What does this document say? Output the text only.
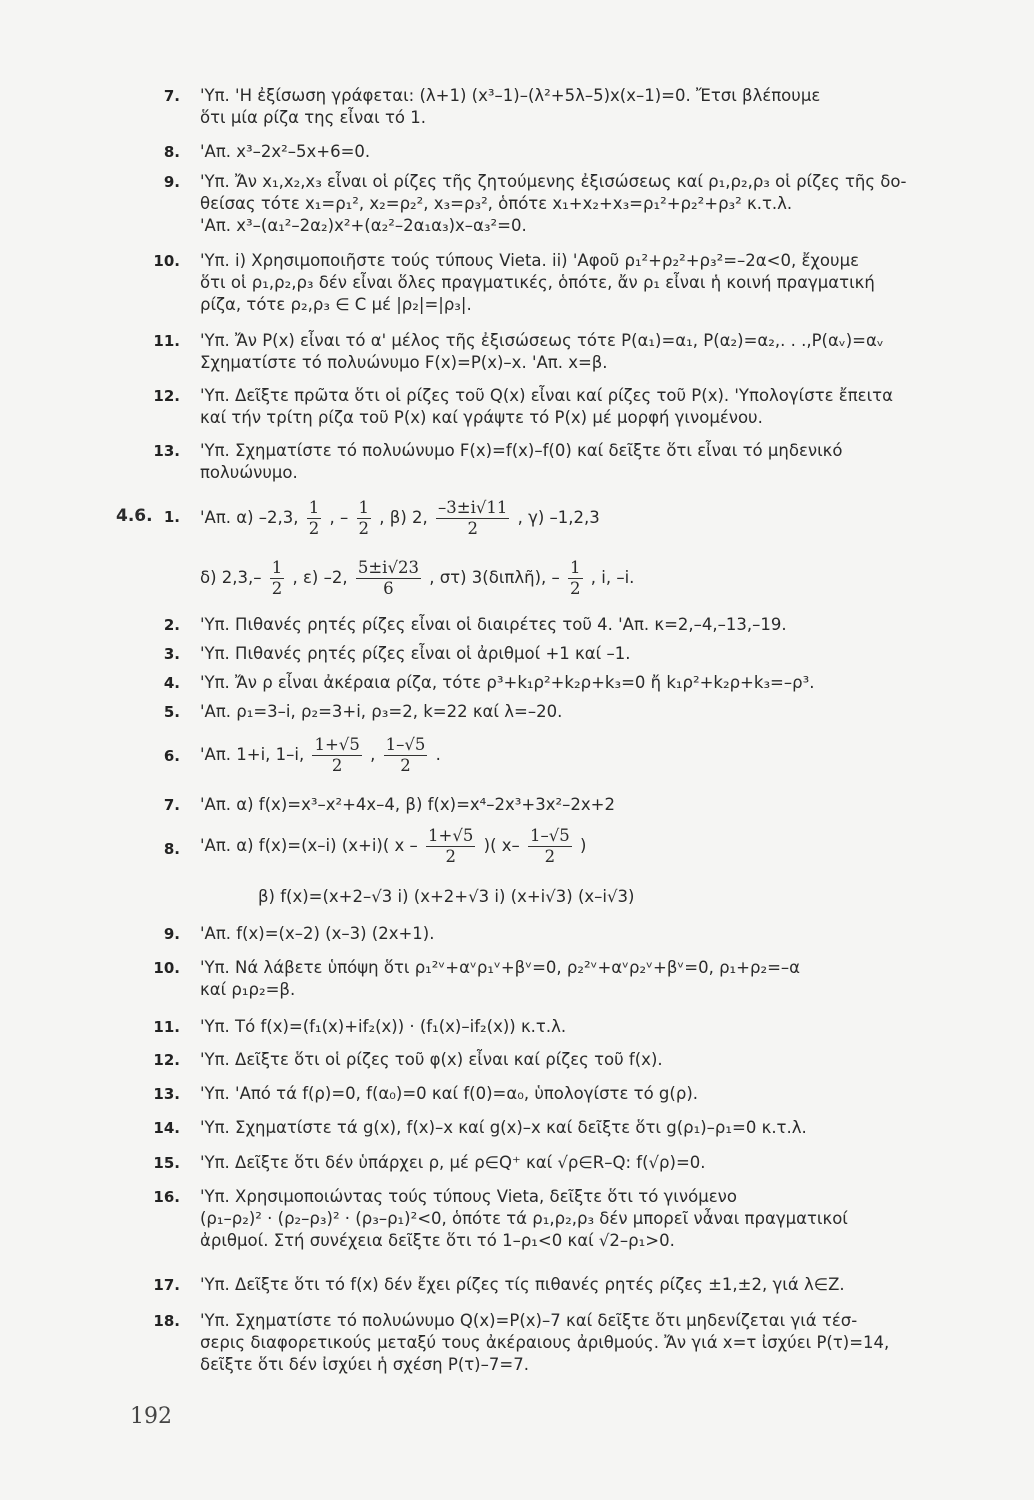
7. 'Υπ. 'Η ἐξίσωση γράφεται: (λ+1) (x³–1)–(λ²+5λ–5)x(x–1)=0. Ἔτσι βλέπουμε
ὅτι μία ρίζα της εἶναι τό 1.
8. 'Απ. x³–2x²–5x+6=0.
9. 'Υπ. Ἄν x₁,x₂,x₃ εἶναι οἱ ρίζες τῆς ζητούμενης ἐξισώσεως καί ρ₁,ρ₂,ρ₃ οἱ ρίζες τῆς δο-
θείσας τότε x₁=ρ₁², x₂=ρ₂², x₃=ρ₃², ὁπότε x₁+x₂+x₃=ρ₁²+ρ₂²+ρ₃² κ.τ.λ.
'Απ. x³–(α₁²–2α₂)x²+(α₂²–2α₁α₃)x–α₃²=0.
10. 'Υπ. i) Χρησιμοποιῆστε τούς τύπους Vieta. ii) 'Αφοῦ ρ₁²+ρ₂²+ρ₃²=–2α<0, ἔχουμε
ὅτι οἱ ρ₁,ρ₂,ρ₃ δέν εἶναι ὅλες πραγματικές, ὁπότε, ἄν ρ₁ εἶναι ἡ κοινή πραγματική
ρίζα, τότε ρ₂,ρ₃ ∈ C μέ |ρ₂|=|ρ₃|.
11. 'Υπ. Ἄν P(x) εἶναι τό α' μέλος τῆς ἐξισώσεως τότε P(α₁)=α₁, P(α₂)=α₂,. . .,P(αᵥ)=αᵥ
Σχηματίστε τό πολυώνυμο F(x)=P(x)–x. 'Απ. x=β.
12. 'Υπ. Δεῖξτε πρῶτα ὅτι οἱ ρίζες τοῦ Q(x) εἶναι καί ρίζες τοῦ P(x). 'Υπολογίστε ἔπειτα
καί τήν τρίτη ρίζα τοῦ P(x) καί γράψτε τό P(x) μέ μορφή γινομένου.
13. 'Υπ. Σχηματίστε τό πολυώνυμο F(x)=f(x)–f(0) καί δεῖξτε ὅτι εἶναι τό μηδενικό
πολυώνυμο.
4.6. 1. 'Απ. α) –2,3, $\frac{1}{2}$ , – $\frac{1}{2}$ , β) 2, $\frac{-3\pm i√11}{2}$ , γ) –1,2,3
δ) $2,3,- \frac{1}{2}$ , ε) –2, $\frac{5\pm i√23}{6}$ , στ) 3(διπλῆ), – $\frac{1}{2}$ , i, –i.
2. 'Υπ. Πιθανές ρητές ρίζες εἶναι οἱ διαιρέτες τοῦ 4. 'Απ. κ=2,–4,–13,–19.
3. 'Υπ. Πιθανές ρητές ρίζες εἶναι οἱ ἀριθμοί +1 καί –1.
4. 'Υπ. Ἄν ρ εἶναι ἀκέραια ρίζα, τότε ρ³+k₁ρ²+k₂ρ+k₃=0 ἤ k₁ρ²+k₂ρ+k₃=–ρ³.
5. 'Απ. ρ₁=3–i, ρ₂=3+i, ρ₃=2, k=22 καί λ=–20.
6. 'Απ. 1+i, 1–i, $\frac{1+√5}{2}$ , $\frac{1-√5}{2}$ .
7. 'Απ. α) f(x)=x³–x²+4x–4, β) f(x)=x⁴–2x³+3x²–2x+2
8. 'Απ. α) f(x)=(x–i) (x+i)( x – $\frac{1+√5}{2}$ )( $x- \frac{1-√5}{2}$ )
β) f(x)=(x+2–√3 i) (x+2+√3 i) (x+i√3) (x–i√3)
9. 'Απ. f(x)=(x–2) (x–3) (2x+1).
10. 'Υπ. Νά λάβετε ὑπόψη ὅτι ρ₁²ᵛ+αᵛρ₁ᵛ+βᵛ=0, ρ₂²ᵛ+αᵛρ₂ᵛ+βᵛ=0, ρ₁+ρ₂=–α
καί ρ₁ρ₂=β.
11. 'Υπ. Τό f(x)=(f₁(x)+if₂(x)) · (f₁(x)–if₂(x)) κ.τ.λ.
12. 'Υπ. Δεῖξτε ὅτι οἱ ρίζες τοῦ φ(x) εἶναι καί ρίζες τοῦ f(x).
13. 'Υπ. 'Από τά f(ρ)=0, f(α₀)=0 καί f(0)=α₀, ὑπολογίστε τό g(ρ).
14. 'Υπ. Σχηματίστε τά g(x), f(x)–x καί g(x)–x καί δεῖξτε ὅτι g(ρ₁)–ρ₁=0 κ.τ.λ.
15. 'Υπ. Δεῖξτε ὅτι δέν ὑπάρχει ρ, μέ ρ∈Q⁺ καί √ρ∈R–Q: f(√ρ)=0.
16. 'Υπ. Χρησιμοποιώντας τούς τύπους Vieta, δεῖξτε ὅτι τό γινόμενο
(ρ₁–ρ₂)² · (ρ₂–ρ₃)² · (ρ₃–ρ₁)²<0, ὁπότε τά ρ₁,ρ₂,ρ₃ δέν μπορεῖ νἆναι πραγματικοί
ἀριθμοί. Στή συνέχεια δεῖξτε ὅτι τό 1–ρ₁<0 καί √2–ρ₁>0.
17. 'Υπ. Δεῖξτε ὅτι τό f(x) δέν ἔχει ρίζες τίς πιθανές ρητές ρίζες ±1,±2, γιά λ∈Z.
18. 'Υπ. Σχηματίστε τό πολυώνυμο Q(x)=P(x)–7 καί δεῖξτε ὅτι μηδενίζεται γιά τέσ-
σερις διαφορετικούς μεταξύ τους ἀκέραιους ἀριθμούς. Ἄν γιά x=τ ἰσχύει P(τ)=14,
δεῖξτε ὅτι δέν ἰσχύει ἡ σχέση P(τ)–7=7.
192
